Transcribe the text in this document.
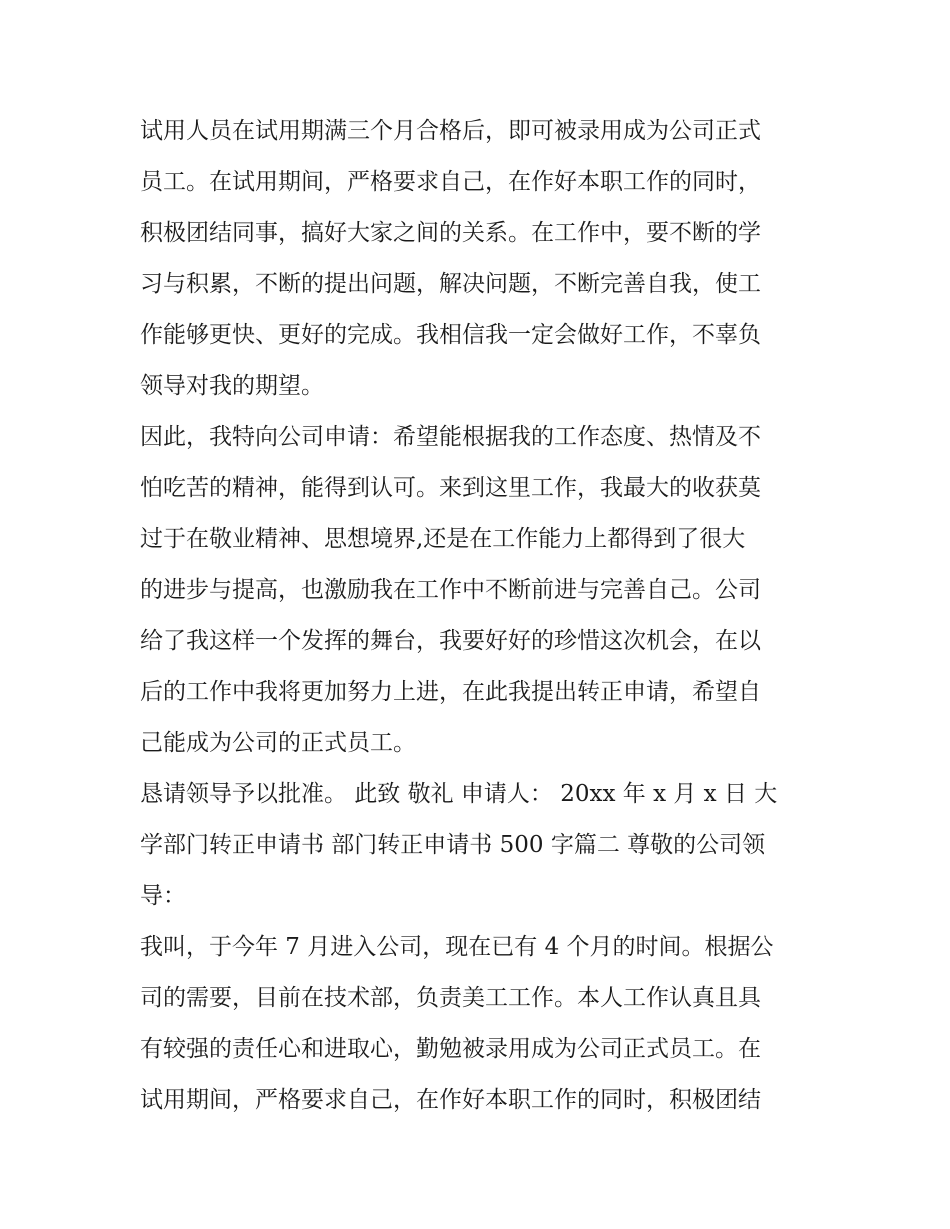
试用人员在试用期满三个月合格后，即可被录用成为公司正式
员工。在试用期间，严格要求自己，在作好本职工作的同时，
积极团结同事，搞好大家之间的关系。在工作中，要不断的学
习与积累，不断的提出问题，解决问题，不断完善自我，使工
作能够更快、更好的完成。我相信我一定会做好工作，不辜负
领导对我的期望。
因此，我特向公司申请：希望能根据我的工作态度、热情及不
怕吃苦的精神，能得到认可。来到这里工作，我最大的收获莫
过于在敬业精神、思想境界,还是在工作能力上都得到了很大
的进步与提高，也激励我在工作中不断前进与完善自己。公司
给了我这样一个发挥的舞台，我要好好的珍惜这次机会，在以
后的工作中我将更加努力上进，在此我提出转正申请，希望自
己能成为公司的正式员工。
恳请领导予以批准。 此致 敬礼 申请人： 20xx 年 x 月 x 日 大
学部门转正申请书 部门转正申请书 500 字篇二 尊敬的公司领
导：
我叫，于今年 7 月进入公司，现在已有 4 个月的时间。根据公
司的需要，目前在技术部，负责美工工作。本人工作认真且具
有较强的责任心和进取心，勤勉被录用成为公司正式员工。在
试用期间，严格要求自己，在作好本职工作的同时，积极团结
